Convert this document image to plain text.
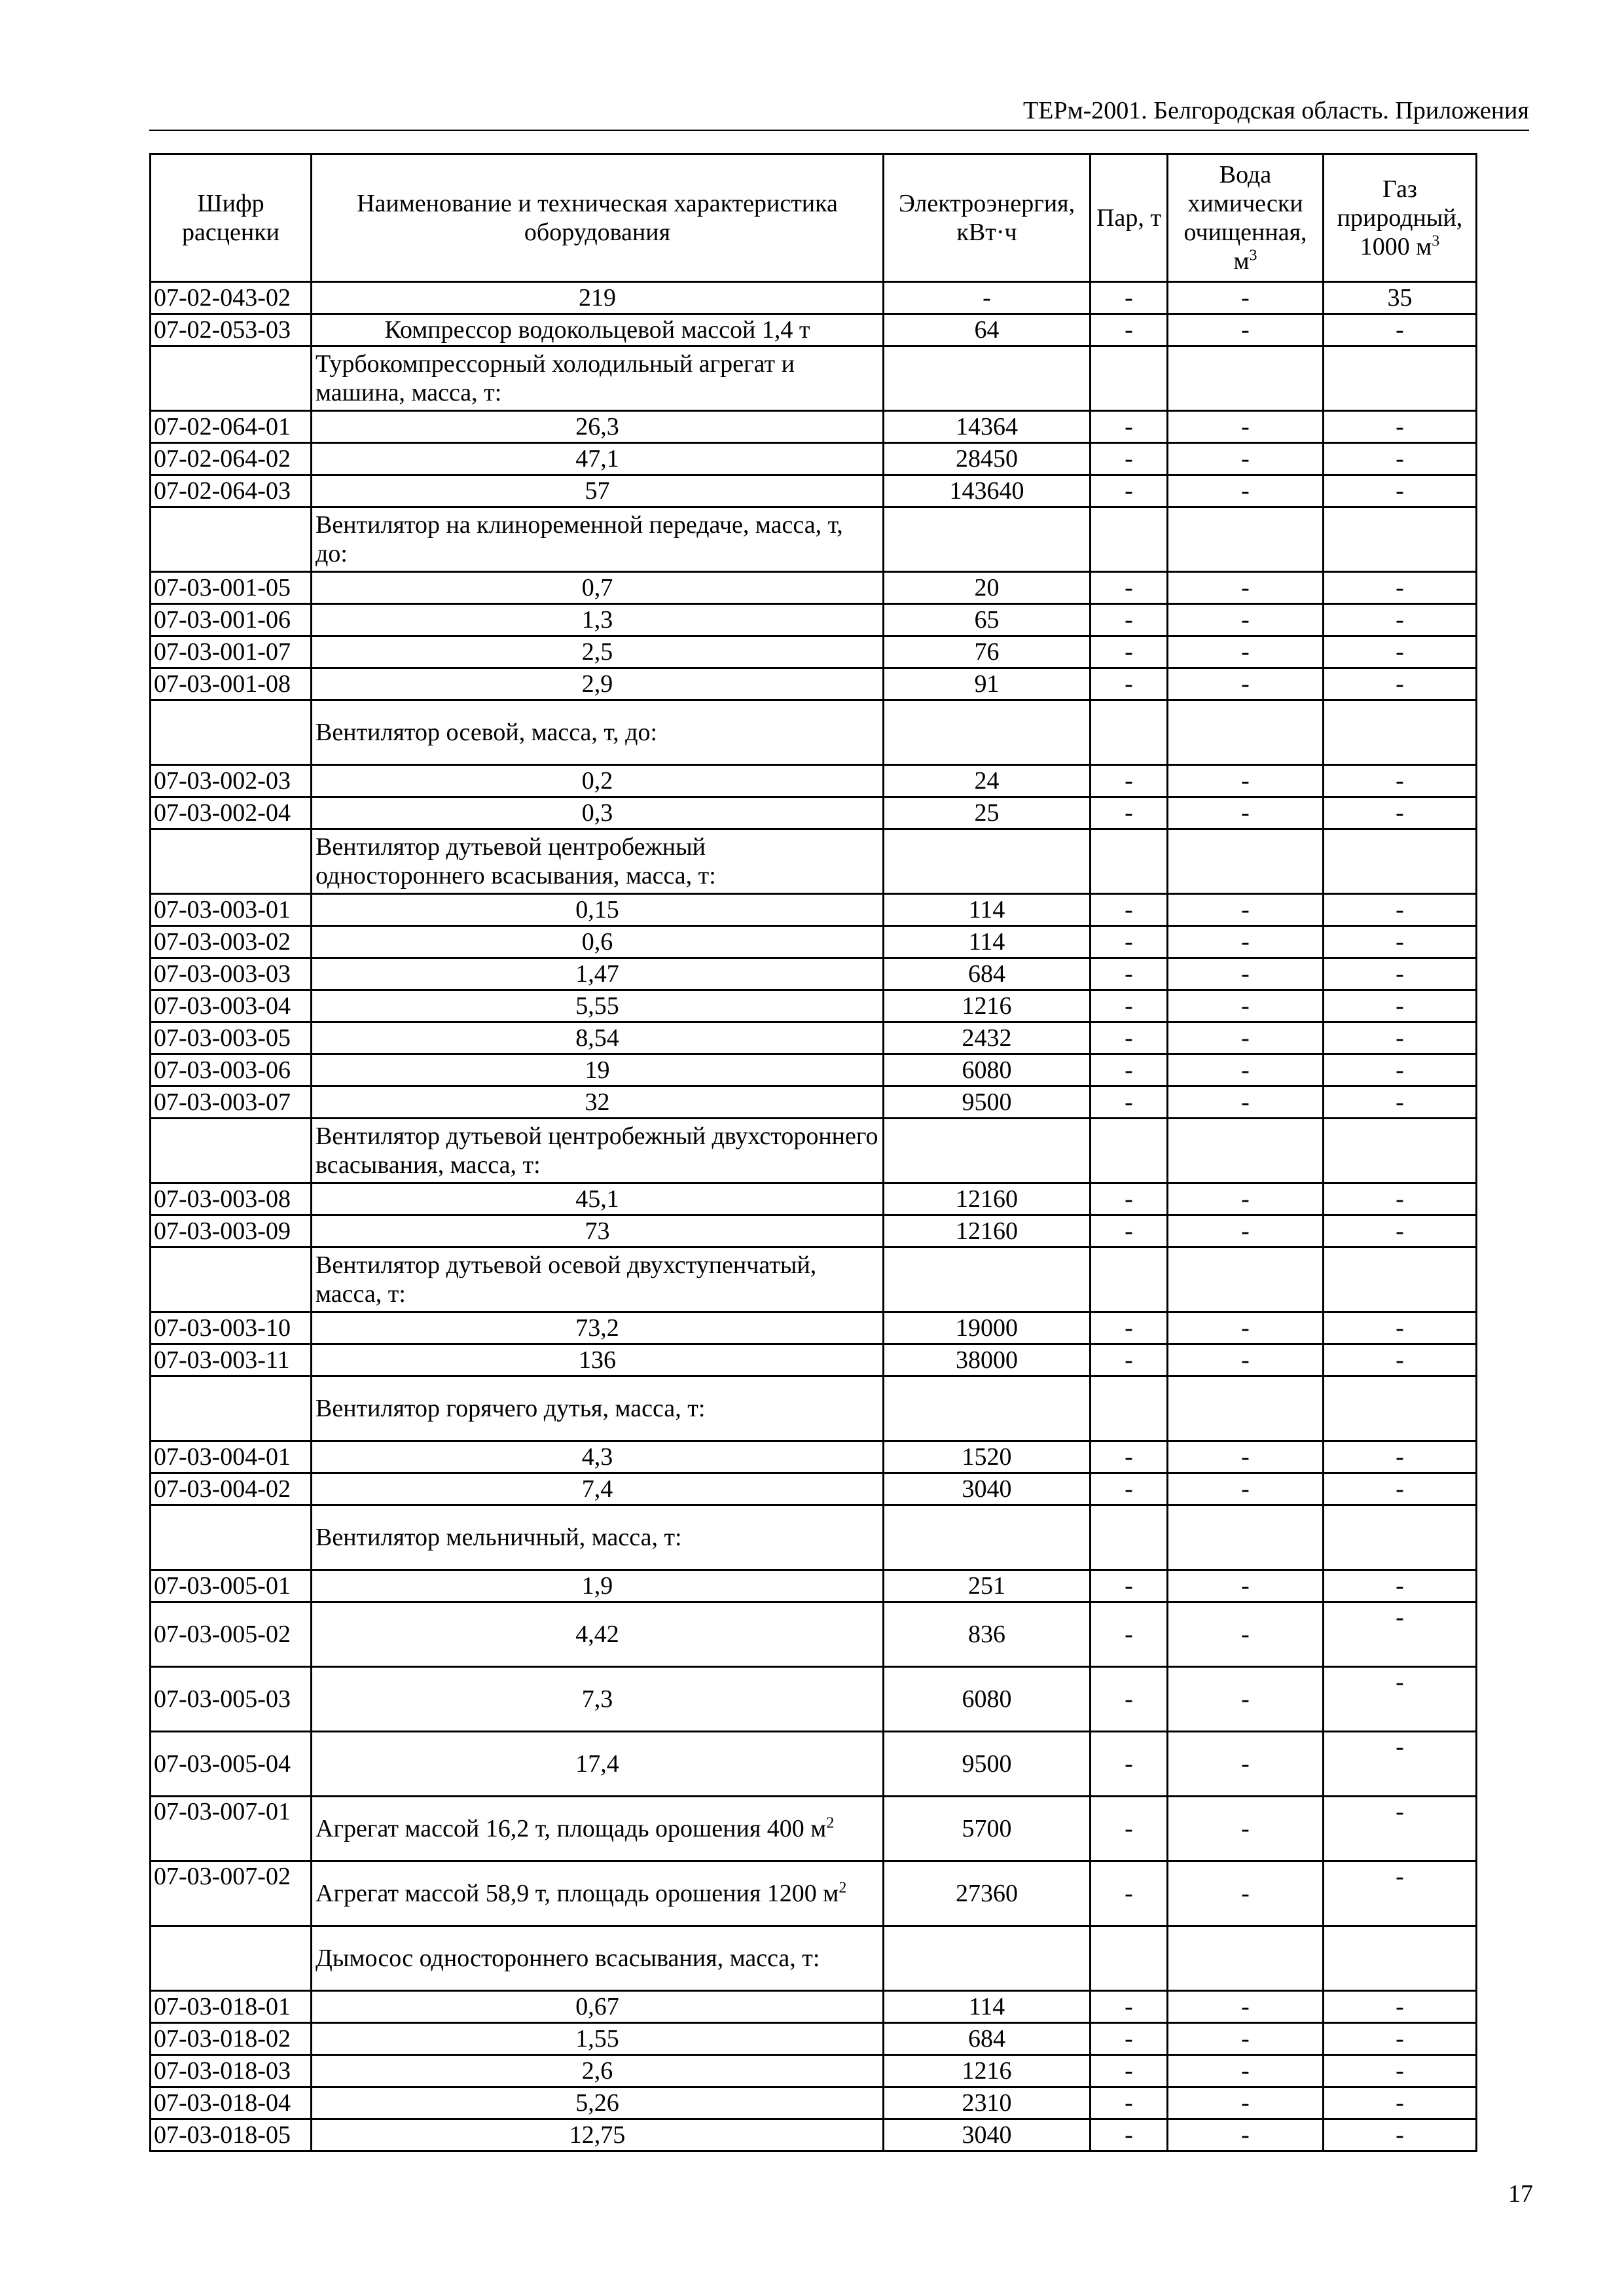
ТЕРм-2001. Белгородская область. Приложения
Шифр расценки	Наименование и техническая характеристика оборудования	Электроэнергия, кВт·ч	Пар, т	Вода химически очищенная, $м^3$	Газ природный, 1000 $м^3$
07-02-043-02	219	-	-	-	35
07-02-053-03	Компрессор водокольцевой массой 1,4 т	64	-	-	-
	Турбокомпрессорный холодильный агрегат и машина, масса, т:				
07-02-064-01	26,3	14364	-	-	-
07-02-064-02	47,1	28450	-	-	-
07-02-064-03	57	143640	-	-	-
	Вентилятор на клиноременной передаче, масса, т, до:				
07-03-001-05	0,7	20	-	-	-
07-03-001-06	1,3	65	-	-	-
07-03-001-07	2,5	76	-	-	-
07-03-001-08	2,9	91	-	-	-
	Вентилятор осевой, масса, т, до:				
07-03-002-03	0,2	24	-	-	-
07-03-002-04	0,3	25	-	-	-
	Вентилятор дутьевой центробежный одностороннего всасывания, масса, т:				
07-03-003-01	0,15	114	-	-	-
07-03-003-02	0,6	114	-	-	-
07-03-003-03	1,47	684	-	-	-
07-03-003-04	5,55	1216	-	-	-
07-03-003-05	8,54	2432	-	-	-
07-03-003-06	19	6080	-	-	-
07-03-003-07	32	9500	-	-	-
	Вентилятор дутьевой центробежный двухстороннего всасывания, масса, т:				
07-03-003-08	45,1	12160	-	-	-
07-03-003-09	73	12160	-	-	-
	Вентилятор дутьевой осевой двухступенчатый, масса, т:				
07-03-003-10	73,2	19000	-	-	-
07-03-003-11	136	38000	-	-	-
	Вентилятор горячего дутья, масса, т:				
07-03-004-01	4,3	1520	-	-	-
07-03-004-02	7,4	3040	-	-	-
	Вентилятор мельничный, масса, т:				
07-03-005-01	1,9	251	-	-	-
07-03-005-02	4,42	836	-	-	-
07-03-005-03	7,3	6080	-	-	-
07-03-005-04	17,4	9500	-	-	-
07-03-007-01	Агрегат массой 16,2 т, площадь орошения 400 $м^2$	5700	-	-	-
07-03-007-02	Агрегат массой 58,9 т, площадь орошения 1200 $м^2$	27360	-	-	-
	Дымосос одностороннего всасывания, масса, т:				
07-03-018-01	0,67	114	-	-	-
07-03-018-02	1,55	684	-	-	-
07-03-018-03	2,6	1216	-	-	-
07-03-018-04	5,26	2310	-	-	-
07-03-018-05	12,75	3040	-	-	-
17
